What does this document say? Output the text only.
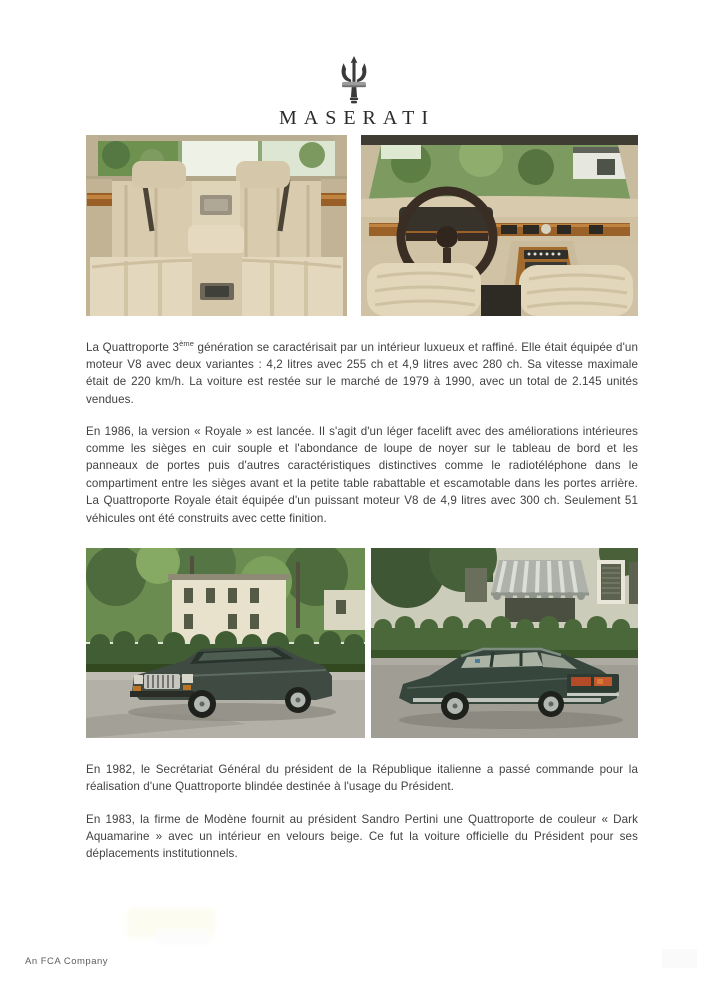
MASERATI

La Quattroporte 3ème génération se caractérisait par un intérieur luxueux et raffiné. Elle était équipée d'un moteur V8 avec deux variantes : 4,2 litres avec 255 ch et 4,9 litres avec 280 ch. Sa vitesse maximale était de 220 km/h. La voiture est restée sur le marché de 1979 à 1990, avec un total de 2.145 unités vendues.

En 1986, la version « Royale » est lancée. Il s'agit d'un léger facelift avec des améliorations intérieures comme les sièges en cuir souple et l'abondance de loupe de noyer sur le tableau de bord et les panneaux de portes puis d'autres caractéristiques distinctives comme le radiotéléphone dans le compartiment entre les sièges avant et la petite table rabattable et escamotable dans les portes arrière. La Quattroporte Royale était équipée d'un puissant moteur V8 de 4,9 litres avec 300 ch. Seulement 51 véhicules ont été construits avec cette finition.

En 1982, le Secrétariat Général du président de la République italienne a passé commande pour la réalisation d'une Quattroporte blindée destinée à l'usage du Président.

En 1983, la firme de Modène fournit au président Sandro Pertini une Quattroporte de couleur « Dark Aquamarine » avec un intérieur en velours beige. Ce fut la voiture officielle du Président pour ses déplacements institutionnels.

An FCA Company
